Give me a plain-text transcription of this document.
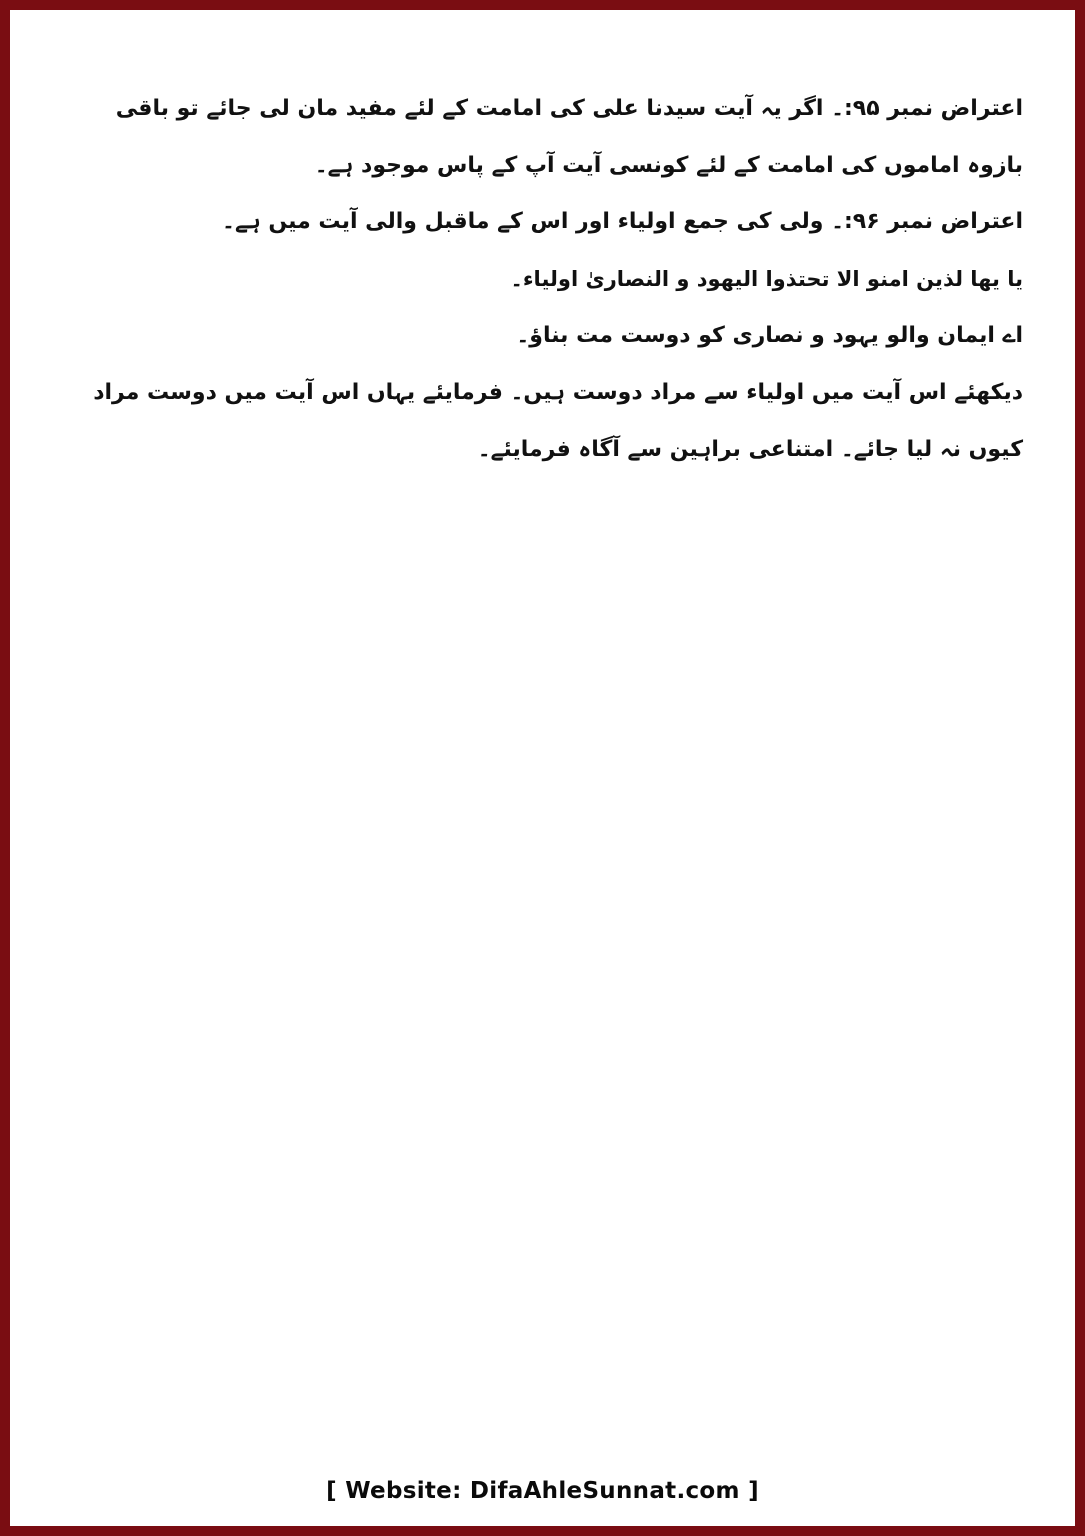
اعتراض نمبر ۹۵:۔ اگر یہ آیت سیدنا علی کی امامت کے لئے مفید مان لی جائے تو باقی بازوہ اماموں کی امامت کے لئے کونسی آیت آپ کے پاس موجود ہے۔

اعتراض نمبر ۹۶:۔ ولی کی جمع اولیاء اور اس کے ماقبل والی آیت میں ہے۔

یا یھا لذین امنو الا تحتذوا الیھود و النصاریٰ اولیاء۔

اے ایمان والو یہود و نصاری کو دوست مت بناؤ۔

دیکھئے اس آیت میں اولیاء سے مراد دوست ہیں۔ فرمایئے یہاں اس آیت میں دوست مراد کیوں نہ لیا جائے۔ امتناعی براہین سے آگاہ فرمایئے۔

[ Website: DifaAhleSunnat.com ]
